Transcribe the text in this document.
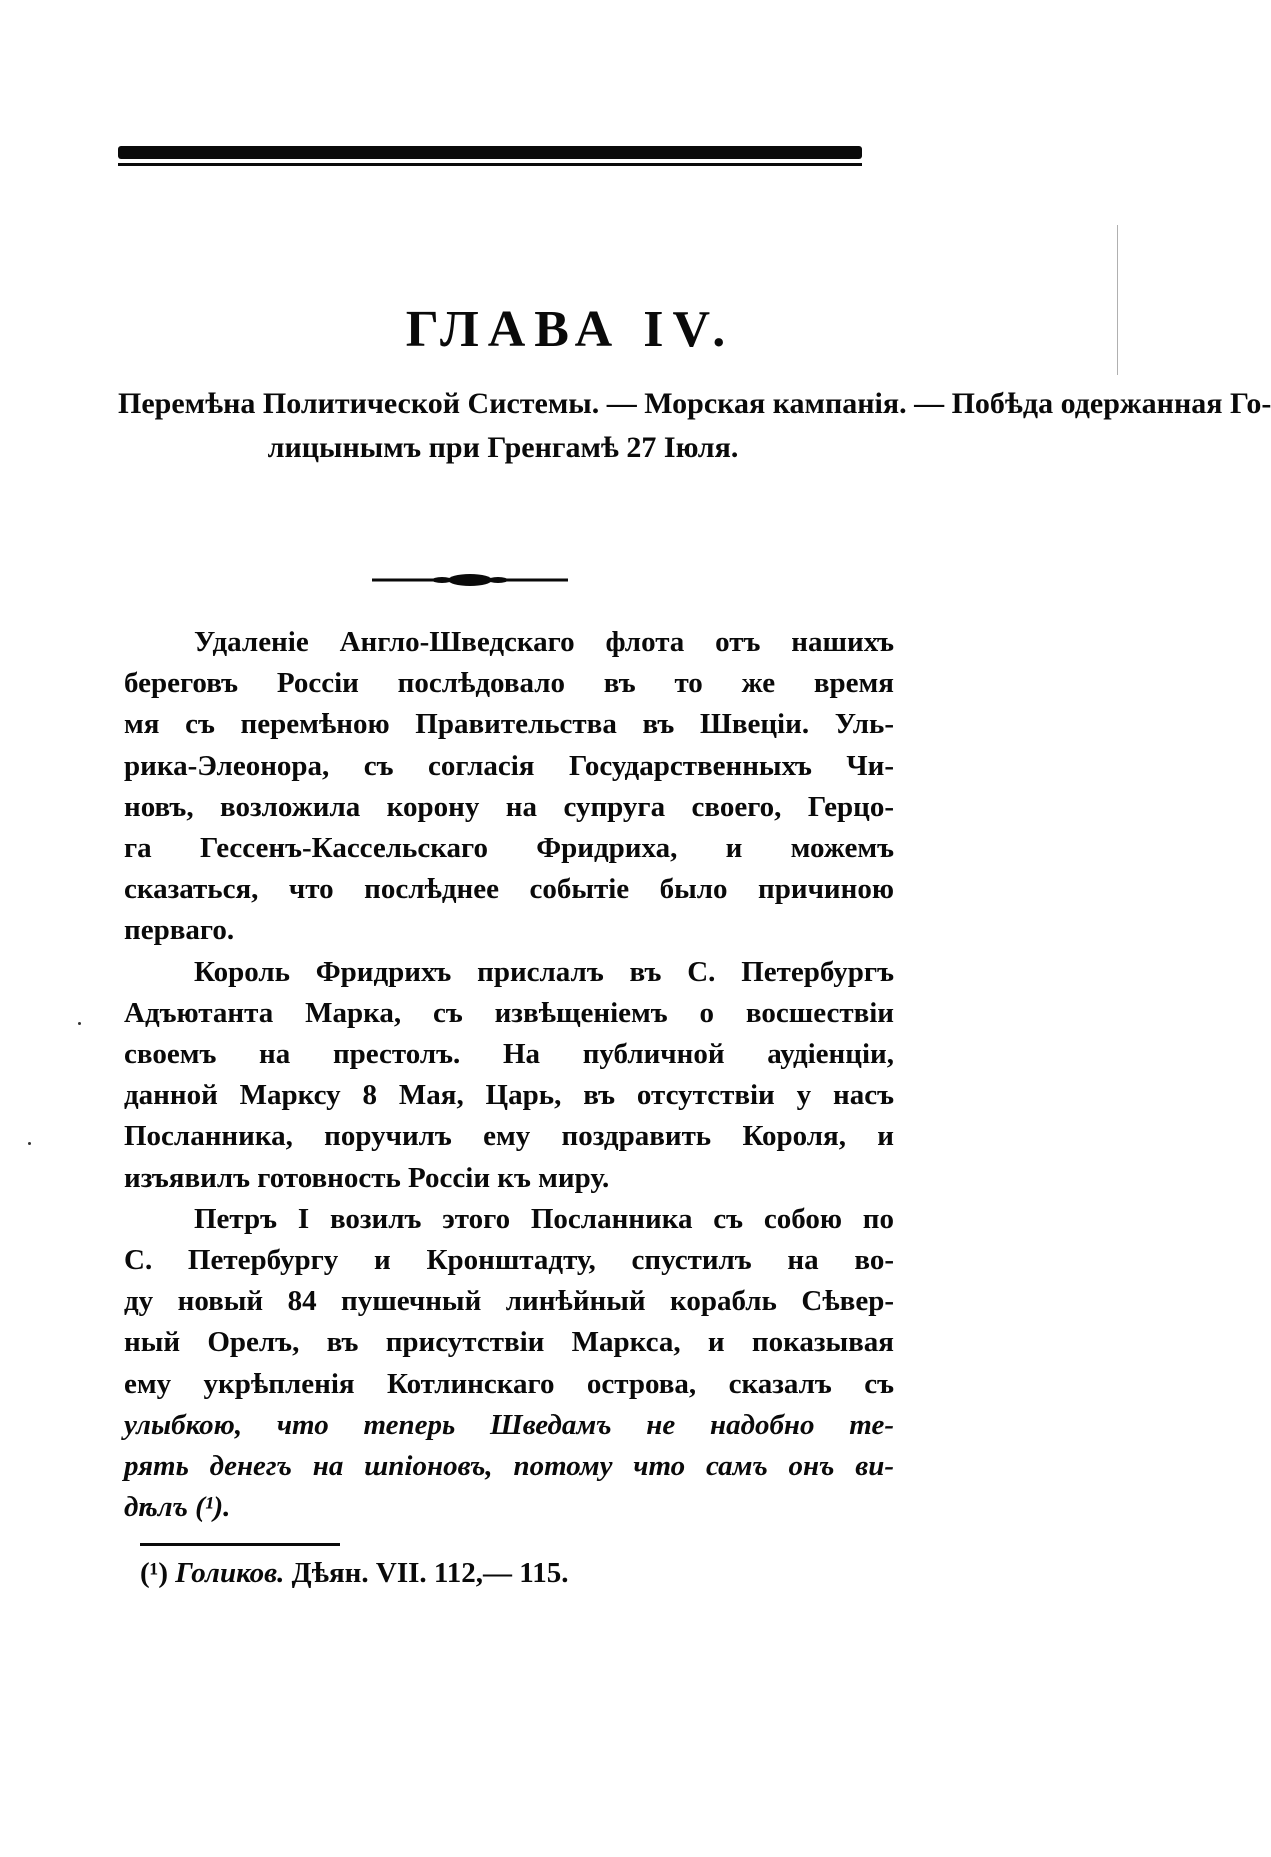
ГЛАВА IV.
Перемѣна Политической Системы. — Морская кампанія. — Побѣда одержанная Го-
лицынымъ при Гренгамѣ 27 Іюля.
Удаленіе Англо-Шведскаго флота отъ нашихъ
береговъ Россіи послѣдовало въ то же время
мя съ перемѣною Правительства въ Швеціи. Уль-
рика-Элеонора, съ согласія Государственныхъ Чи-
новъ, возложила корону на супруга своего, Герцо-
га Гессенъ-Кассельскаго Фридриха, и можемъ
сказаться, что послѣднее событіе было причиною
перваго.
Король Фридрихъ прислалъ въ С. Петербургъ
Адъютанта Марка, съ извѣщеніемъ о восшествіи
своемъ на престолъ. На публичной аудіенціи,
данной Марксу 8 Мая, Царь, въ отсутствіи у насъ
Посланника, поручилъ ему поздравить Короля, и
изъявилъ готовность Россіи къ миру.
Петръ I возилъ этого Посланника съ собою по
С. Петербургу и Кронштадту, спустилъ на во-
ду новый 84 пушечный линѣйный корабль Сѣвер-
ный Орелъ, въ присутствіи Маркса, и показывая
ему укрѣпленія Котлинскаго острова, сказалъ съ
улыбкою, что теперь Шведамъ не надобно те-
рять денегъ на шпіоновъ, потому что самъ онъ ви-
дѣлъ (¹).
(¹) Голиков. Дѣян. VII. 112,— 115.
